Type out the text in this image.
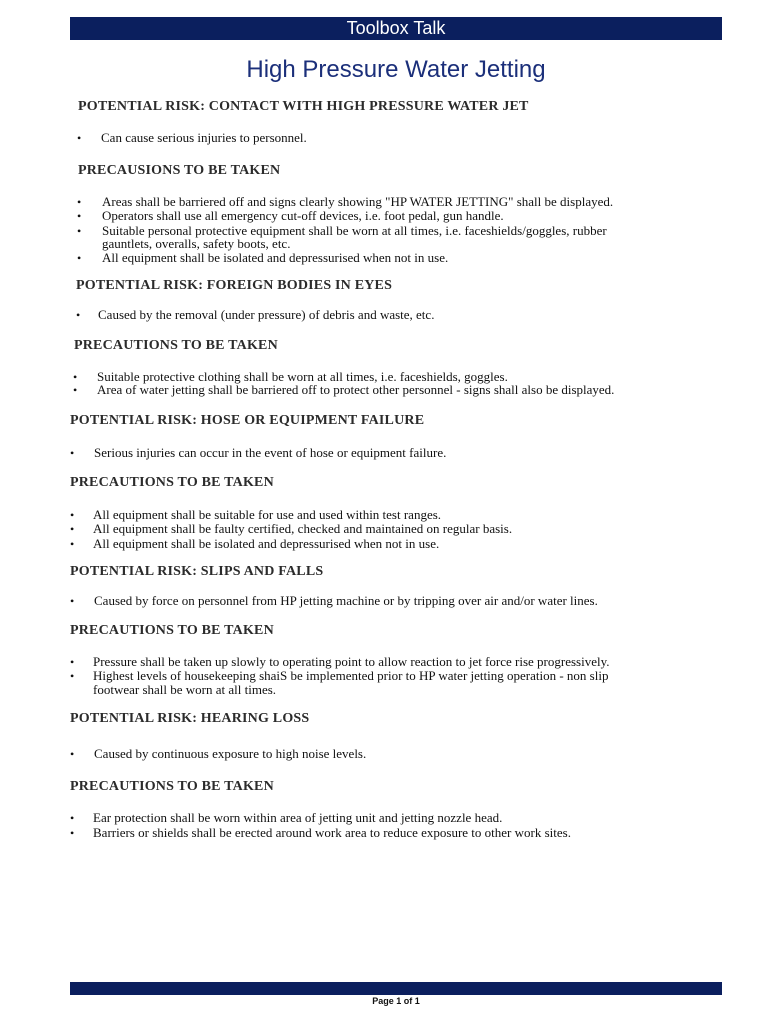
Toolbox Talk
High Pressure Water Jetting
POTENTIAL RISK: CONTACT WITH HIGH PRESSURE WATER JET
• Can cause serious injuries to personnel.
PRECAUSIONS TO BE TAKEN
• Areas shall be barriered off and signs clearly showing "HP WATER JETTING" shall be displayed.
• Operators shall use all emergency cut-off devices, i.e. foot pedal, gun handle.
• Suitable personal protective equipment shall be worn at all times, i.e. faceshields/goggles, rubber
gauntlets, overalls, safety boots, etc.
• All equipment shall be isolated and depressurised when not in use.
POTENTIAL RISK: FOREIGN BODIES IN EYES
• Caused by the removal (under pressure) of debris and waste, etc.
PRECAUTIONS TO BE TAKEN
• Suitable protective clothing shall be worn at all times, i.e. faceshields, goggles.
• Area of water jetting shall be barriered off to protect other personnel - signs shall also be displayed.
POTENTIAL RISK: HOSE OR EQUIPMENT FAILURE
• Serious injuries can occur in the event of hose or equipment failure.
PRECAUTIONS TO BE TAKEN
• All equipment shall be suitable for use and used within test ranges.
• All equipment shall be faulty certified, checked and maintained on regular basis.
• All equipment shall be isolated and depressurised when not in use.
POTENTIAL RISK: SLIPS AND FALLS
• Caused by force on personnel from HP jetting machine or by tripping over air and/or water lines.
PRECAUTIONS TO BE TAKEN
• Pressure shall be taken up slowly to operating point to allow reaction to jet force rise progressively.
• Highest levels of housekeeping shaiS be implemented prior to HP water jetting operation - non slip
footwear shall be worn at all times.
POTENTIAL RISK: HEARING LOSS
• Caused by continuous exposure to high noise levels.
PRECAUTIONS TO BE TAKEN
• Ear protection shall be worn within area of jetting unit and jetting nozzle head.
• Barriers or shields shall be erected around work area to reduce exposure to other work sites.
Page 1 of 1
